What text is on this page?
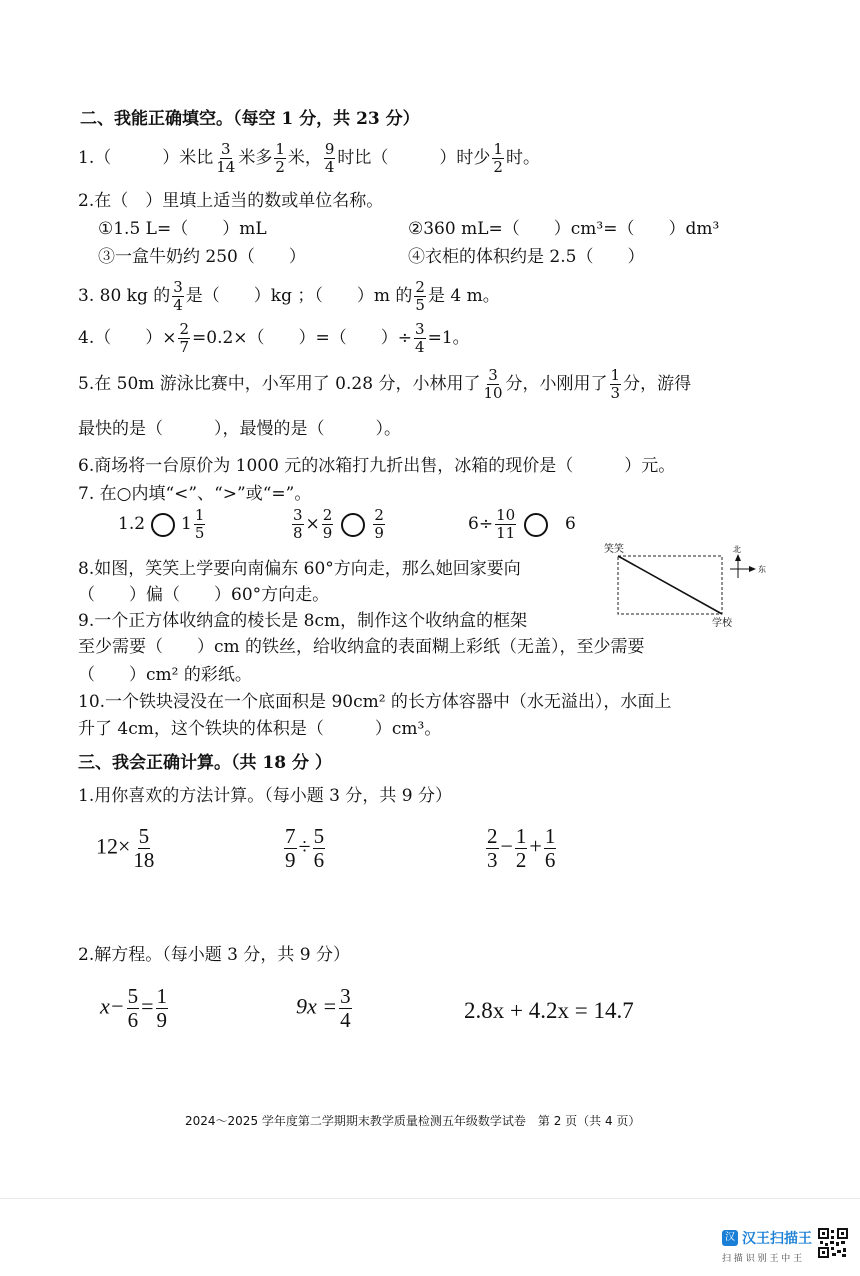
二、我能正确填空。（每空 1 分，共 23 分）
1.（　　　）米比 $\frac{3}{14}$ 米多 $\frac{1}{2}$ 米， $\frac{9}{4}$ 时比（　　　）时少 $\frac{1}{2}$ 时。
2.在（　）里填上适当的数或单位名称。
①1.5 L=（　　）mL	②360 mL=（　　）cm³=（　　）dm³
③一盒牛奶约 250（　　）	④衣柜的体积约是 2.5（　　）
3. 80 kg 的 $\frac{3}{4}$ 是（　　）kg ；（　　）m 的 $\frac{2}{5}$ 是 4 m。
4.（　　）× $\frac{2}{7} =0.2\times$（　　）=（　　）÷ $\frac{3}{4} =1$。
5.在 50m 游泳比赛中，小军用了 0.28 分，小林用了 $\frac{3}{10}$ 分，小刚用了 $\frac{1}{3}$ 分，游得
最快的是（　　　），最慢的是（　　　）。
6.商场将一台原价为 1000 元的冰箱打九折出售，冰箱的现价是（　　　）元。
7. 在○内填“<”、“>”或“=”。
1.2 $1 \frac{1}{5}$	$\frac{3}{8} \times \frac{2}{9}$	$\frac{2}{9}$	$6\div \frac{10}{11}$	6
8.如图，笑笑上学要向南偏东 60°方向走，那么她回家要向
（　　）偏（　　）60°方向走。
笑笑
学校
北
东
9.一个正方体收纳盒的棱长是 8cm，制作这个收纳盒的框架
至少需要（　　）cm 的铁丝，给收纳盒的表面糊上彩纸（无盖），至少需要
（　　）cm² 的彩纸。
10.一个铁块浸没在一个底面积是 90cm² 的长方体容器中（水无溢出），水面上
升了 4cm，这个铁块的体积是（　　　）cm³。
三、我会正确计算。（共 18 分 ）
1.用你喜欢的方法计算。（每小题 3 分，共 9 分）
$12\times \frac{5}{18}$	$\frac{7}{9} \div \frac{5}{6}$	$\frac{2}{3} - \frac{1}{2} + \frac{1}{6}$
2.解方程。（每小题 3 分，共 9 分）
$x- \frac{5}{6} = \frac{1}{9}$	$9x = \frac{3}{4}$	2.8x + 4.2x = 14.7
2024～2025 学年度第二学期期末教学质量检测五年级数学试卷　第 2 页（共 4 页）
汉 汉王扫描王
扫 描 识 别 王 中 王
